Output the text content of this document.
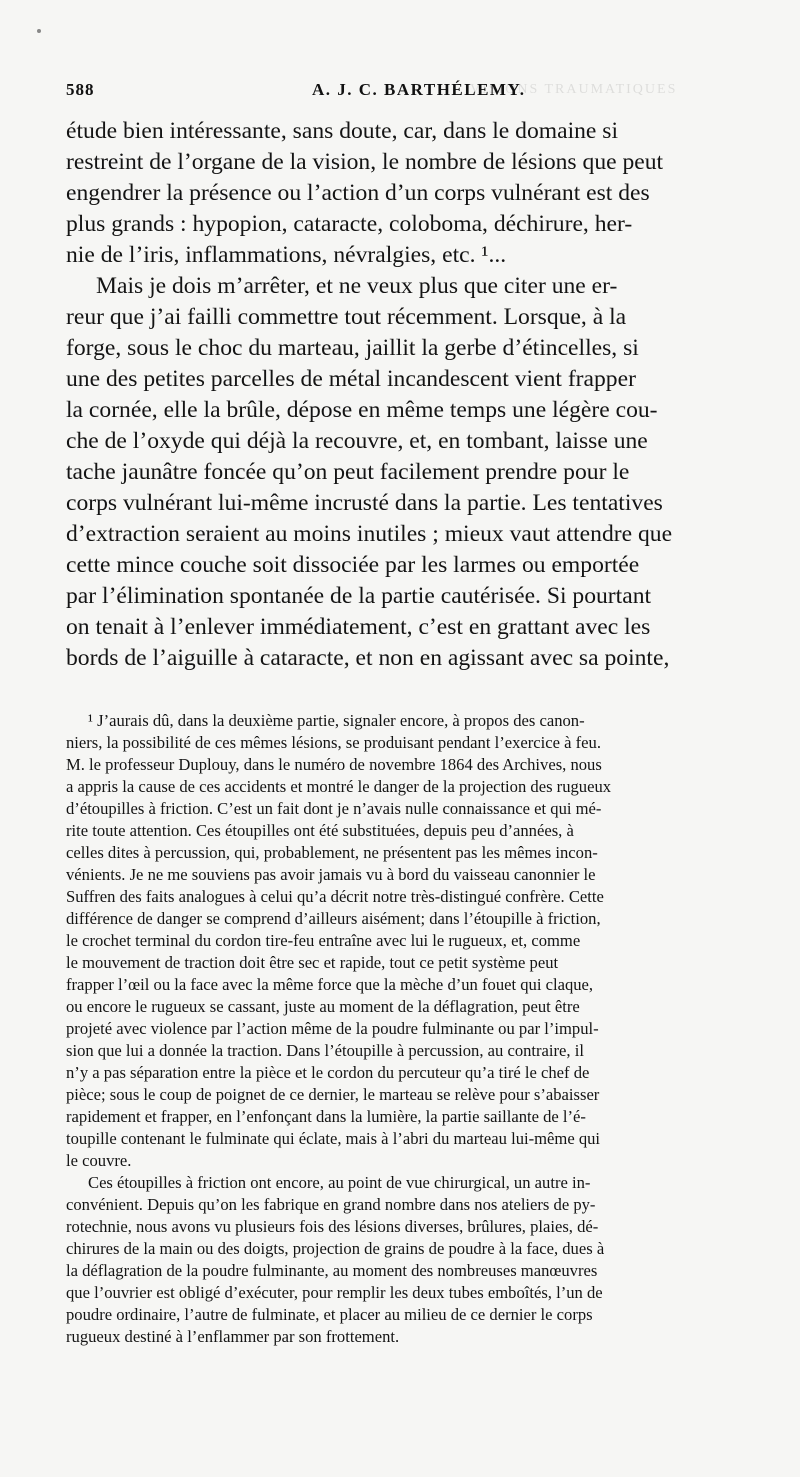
VISIONS TRAUMATIQUES
588	A. J. C. BARTHÉLEMY.
étude bien intéressante, sans doute, car, dans le domaine si
restreint de l’organe de la vision, le nombre de lésions que peut
engendrer la présence ou l’action d’un corps vulnérant est des
plus grands : hypopion, cataracte, coloboma, déchirure, her-
nie de l’iris, inflammations, névralgies, etc. ¹...
Mais je dois m’arrêter, et ne veux plus que citer une er-
reur que j’ai failli commettre tout récemment. Lorsque, à la
forge, sous le choc du marteau, jaillit la gerbe d’étincelles, si
une des petites parcelles de métal incandescent vient frapper
la cornée, elle la brûle, dépose en même temps une légère cou-
che de l’oxyde qui déjà la recouvre, et, en tombant, laisse une
tache jaunâtre foncée qu’on peut facilement prendre pour le
corps vulnérant lui-même incrusté dans la partie. Les tentatives
d’extraction seraient au moins inutiles ; mieux vaut attendre que
cette mince couche soit dissociée par les larmes ou emportée
par l’élimination spontanée de la partie cautérisée. Si pourtant
on tenait à l’enlever immédiatement, c’est en grattant avec les
bords de l’aiguille à cataracte, et non en agissant avec sa pointe,
¹ J’aurais dû, dans la deuxième partie, signaler encore, à propos des canon-
niers, la possibilité de ces mêmes lésions, se produisant pendant l’exercice à feu.
M. le professeur Duplouy, dans le numéro de novembre 1864 des Archives, nous
a appris la cause de ces accidents et montré le danger de la projection des rugueux
d’étoupilles à friction. C’est un fait dont je n’avais nulle connaissance et qui mé-
rite toute attention. Ces étoupilles ont été substituées, depuis peu d’années, à
celles dites à percussion, qui, probablement, ne présentent pas les mêmes incon-
vénients. Je ne me souviens pas avoir jamais vu à bord du vaisseau canonnier le
Suffren des faits analogues à celui qu’a décrit notre très-distingué confrère. Cette
différence de danger se comprend d’ailleurs aisément; dans l’étoupille à friction,
le crochet terminal du cordon tire-feu entraîne avec lui le rugueux, et, comme
le mouvement de traction doit être sec et rapide, tout ce petit système peut
frapper l’œil ou la face avec la même force que la mèche d’un fouet qui claque,
ou encore le rugueux se cassant, juste au moment de la déflagration, peut être
projeté avec violence par l’action même de la poudre fulminante ou par l’impul-
sion que lui a donnée la traction. Dans l’étoupille à percussion, au contraire, il
n’y a pas séparation entre la pièce et le cordon du percuteur qu’a tiré le chef de
pièce; sous le coup de poignet de ce dernier, le marteau se relève pour s’abaisser
rapidement et frapper, en l’enfonçant dans la lumière, la partie saillante de l’é-
toupille contenant le fulminate qui éclate, mais à l’abri du marteau lui-même qui
le couvre.
Ces étoupilles à friction ont encore, au point de vue chirurgical, un autre in-
convénient. Depuis qu’on les fabrique en grand nombre dans nos ateliers de py-
rotechnie, nous avons vu plusieurs fois des lésions diverses, brûlures, plaies, dé-
chirures de la main ou des doigts, projection de grains de poudre à la face, dues à
la déflagration de la poudre fulminante, au moment des nombreuses manœuvres
que l’ouvrier est obligé d’exécuter, pour remplir les deux tubes emboîtés, l’un de
poudre ordinaire, l’autre de fulminate, et placer au milieu de ce dernier le corps
rugueux destiné à l’enflammer par son frottement.
